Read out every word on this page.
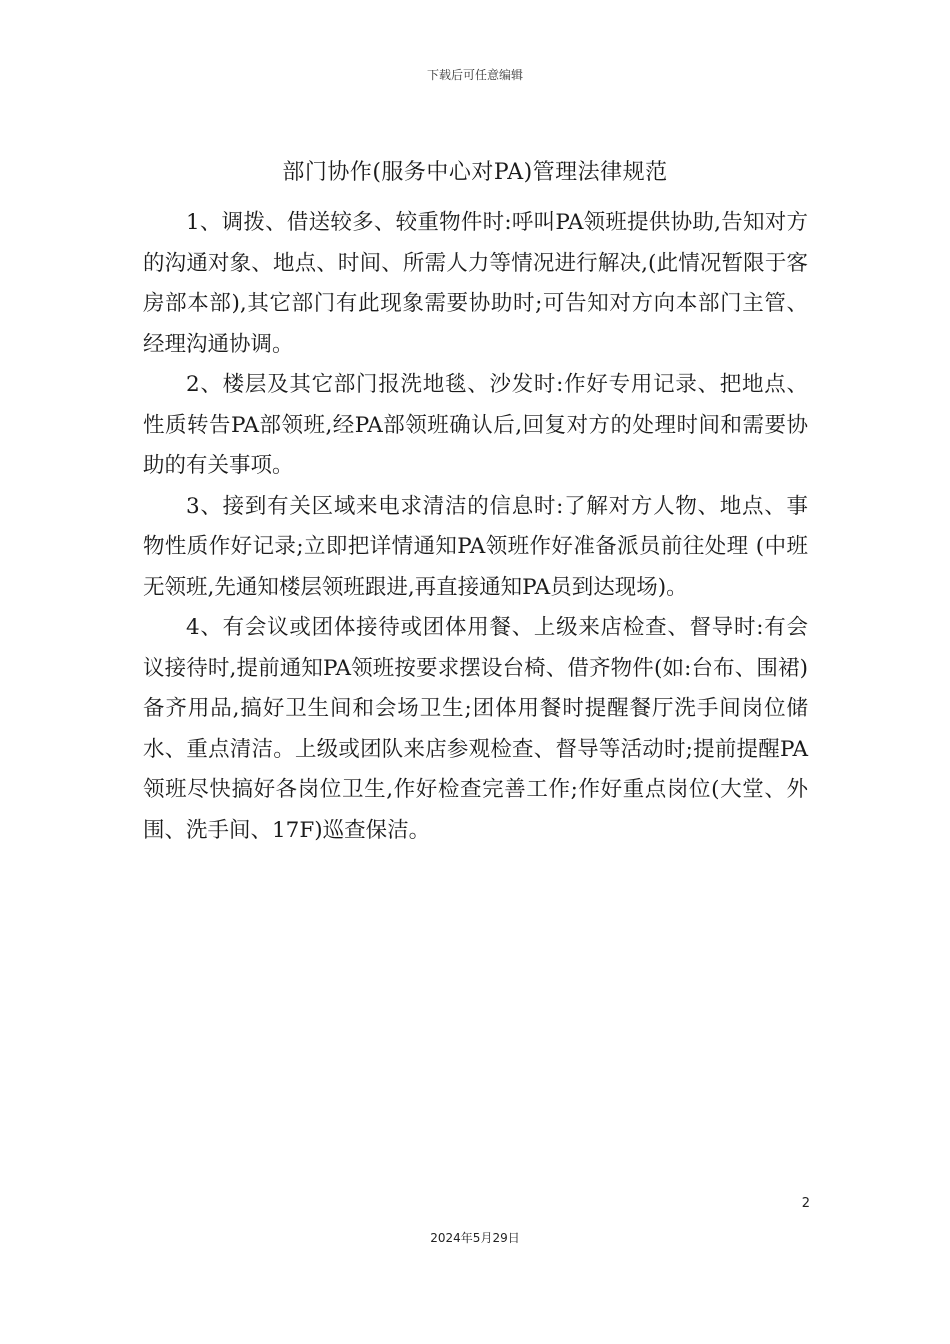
下载后可任意编辑
部门协作(服务中心对PA)管理法律规范

1、调拨、借送较多、较重物件时:呼叫PA领班提供协助,告知对方的沟通对象、地点、时间、所需人力等情况进行解决,(此情况暂限于客房部本部),其它部门有此现象需要协助时;可告知对方向本部门主管、经理沟通协调。

2、楼层及其它部门报洗地毯、沙发时:作好专用记录、把地点、性质转告PA部领班,经PA部领班确认后,回复对方的处理时间和需要协助的有关事项。

3、接到有关区域来电求清洁的信息时:了解对方人物、地点、事物性质作好记录;立即把详情通知PA领班作好准备派员前往处理 (中班无领班,先通知楼层领班跟进,再直接通知PA员到达现场)。

4、有会议或团体接待或团体用餐、上级来店检查、督导时:有会议接待时,提前通知PA领班按要求摆设台椅、借齐物件(如:台布、围裙)备齐用品,搞好卫生间和会场卫生;团体用餐时提醒餐厅洗手间岗位储水、重点清洁。上级或团队来店参观检查、督导等活动时;提前提醒PA领班尽快搞好各岗位卫生,作好检查完善工作;作好重点岗位(大堂、外围、洗手间、17F)巡查保洁。

2
2024年5月29日
